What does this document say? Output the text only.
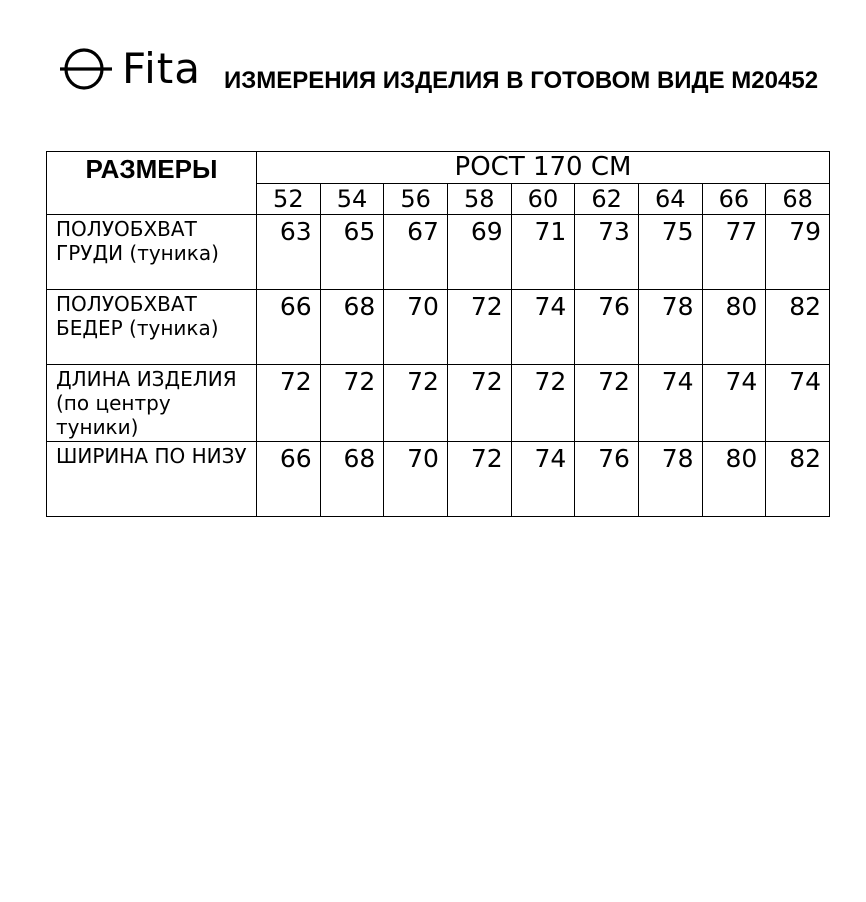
Fita ИЗМЕРЕНИЯ ИЗДЕЛИЯ В ГОТОВОМ ВИДЕ М20452
РАЗМЕРЫ	РОСТ 170 СМ								
	52	54	56	58	60	62	64	66	68
ПОЛУОБХВАТ ГРУДИ (туника)	63	65	67	69	71	73	75	77	79
ПОЛУОБХВАТ БЕДЕР (туника)	66	68	70	72	74	76	78	80	82
ДЛИНА ИЗДЕЛИЯ (по центру туники)	72	72	72	72	72	72	74	74	74
ШИРИНА ПО НИЗУ	66	68	70	72	74	76	78	80	82
